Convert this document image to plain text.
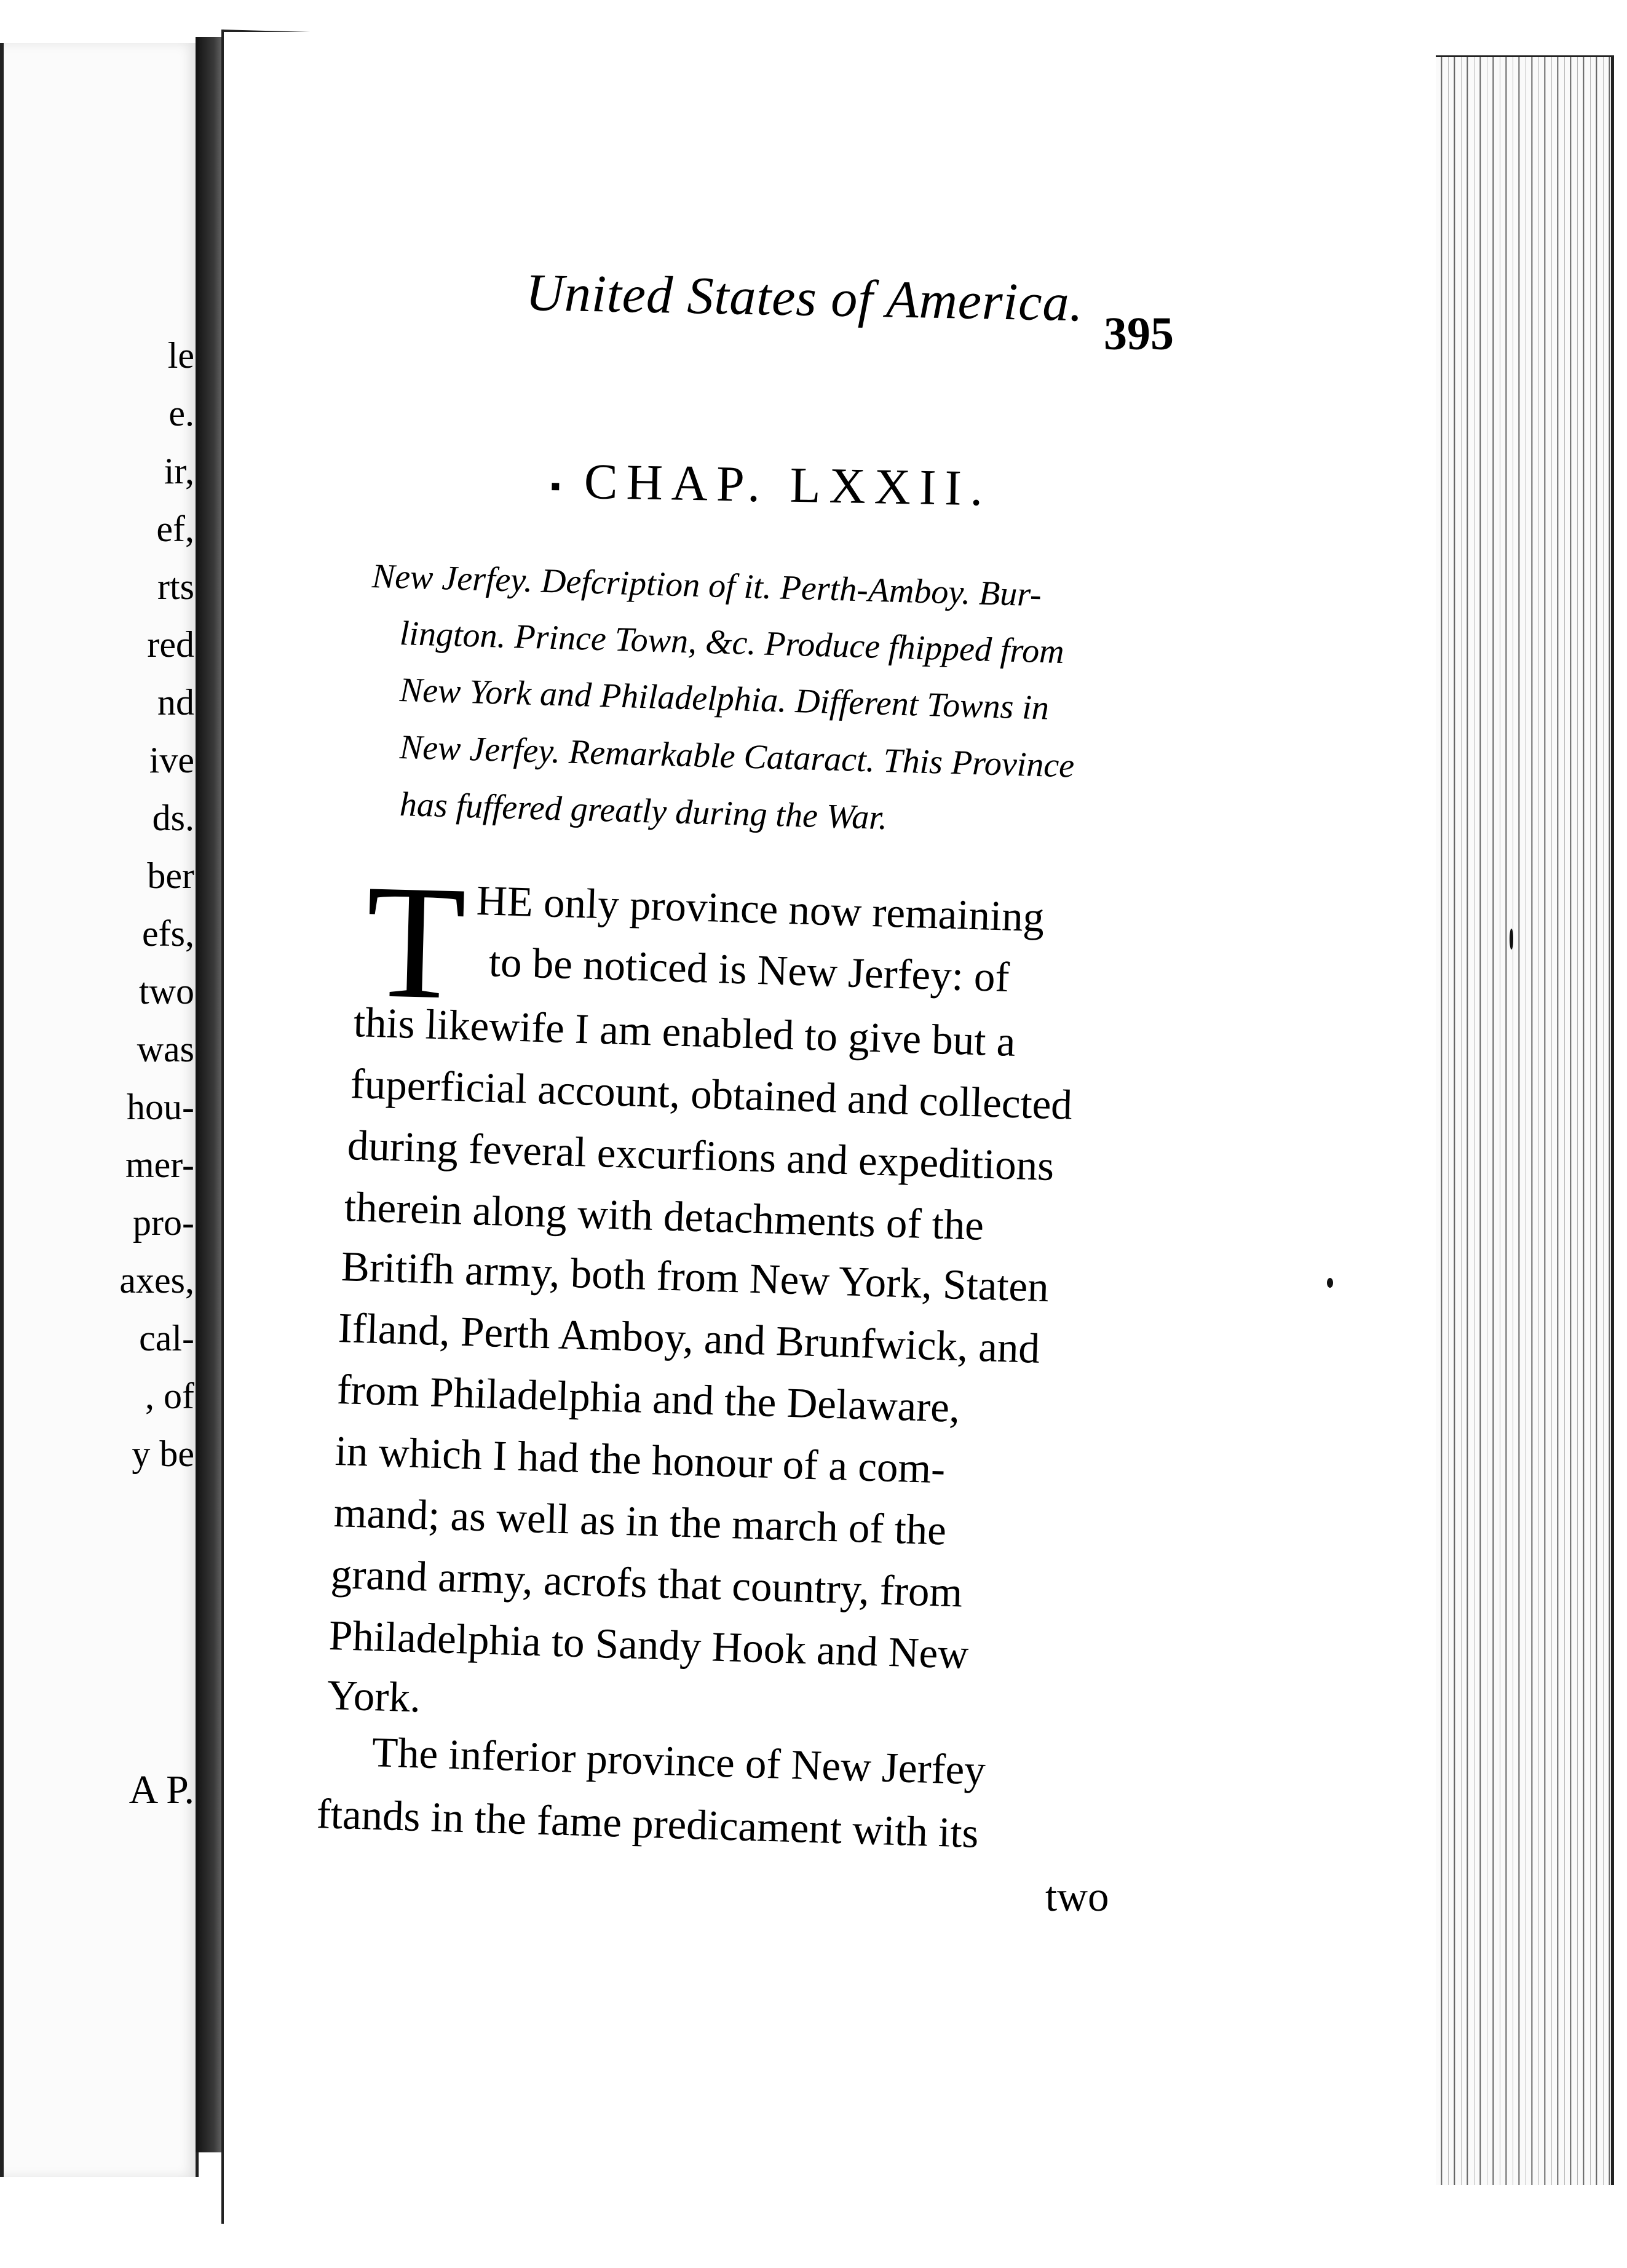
le
e.
ir,
ef,
rts
red
nd
ive
ds.
ber
efs,
two
was
hou-
mer-
pro-
axes,
cal-
, of
y be
A P.
United States of America.
395
▪ CHAP. LXXII.
New Jerfey. Defcription of it. Perth-Amboy. Bur-
lington. Prince Town, &c. Produce fhipped from
New York and Philadelphia. Different Towns in
New Jerfey. Remarkable Cataract. This Province
has fuffered greatly during the War.
T HE only province now remaining
to be noticed is New Jerfey: of
this likewife I am enabled to give but a
fuperficial account, obtained and collected
during feveral excurfions and expeditions
therein along with detachments of the
Britifh army, both from New York, Staten
Ifland, Perth Amboy, and Brunfwick, and
from Philadelphia and the Delaware,
in which I had the honour of a com-
mand; as well as in the march of the
grand army, acrofs that country, from
Philadelphia to Sandy Hook and New
York.
The inferior province of New Jerfey
ftands in the fame predicament with its
two
